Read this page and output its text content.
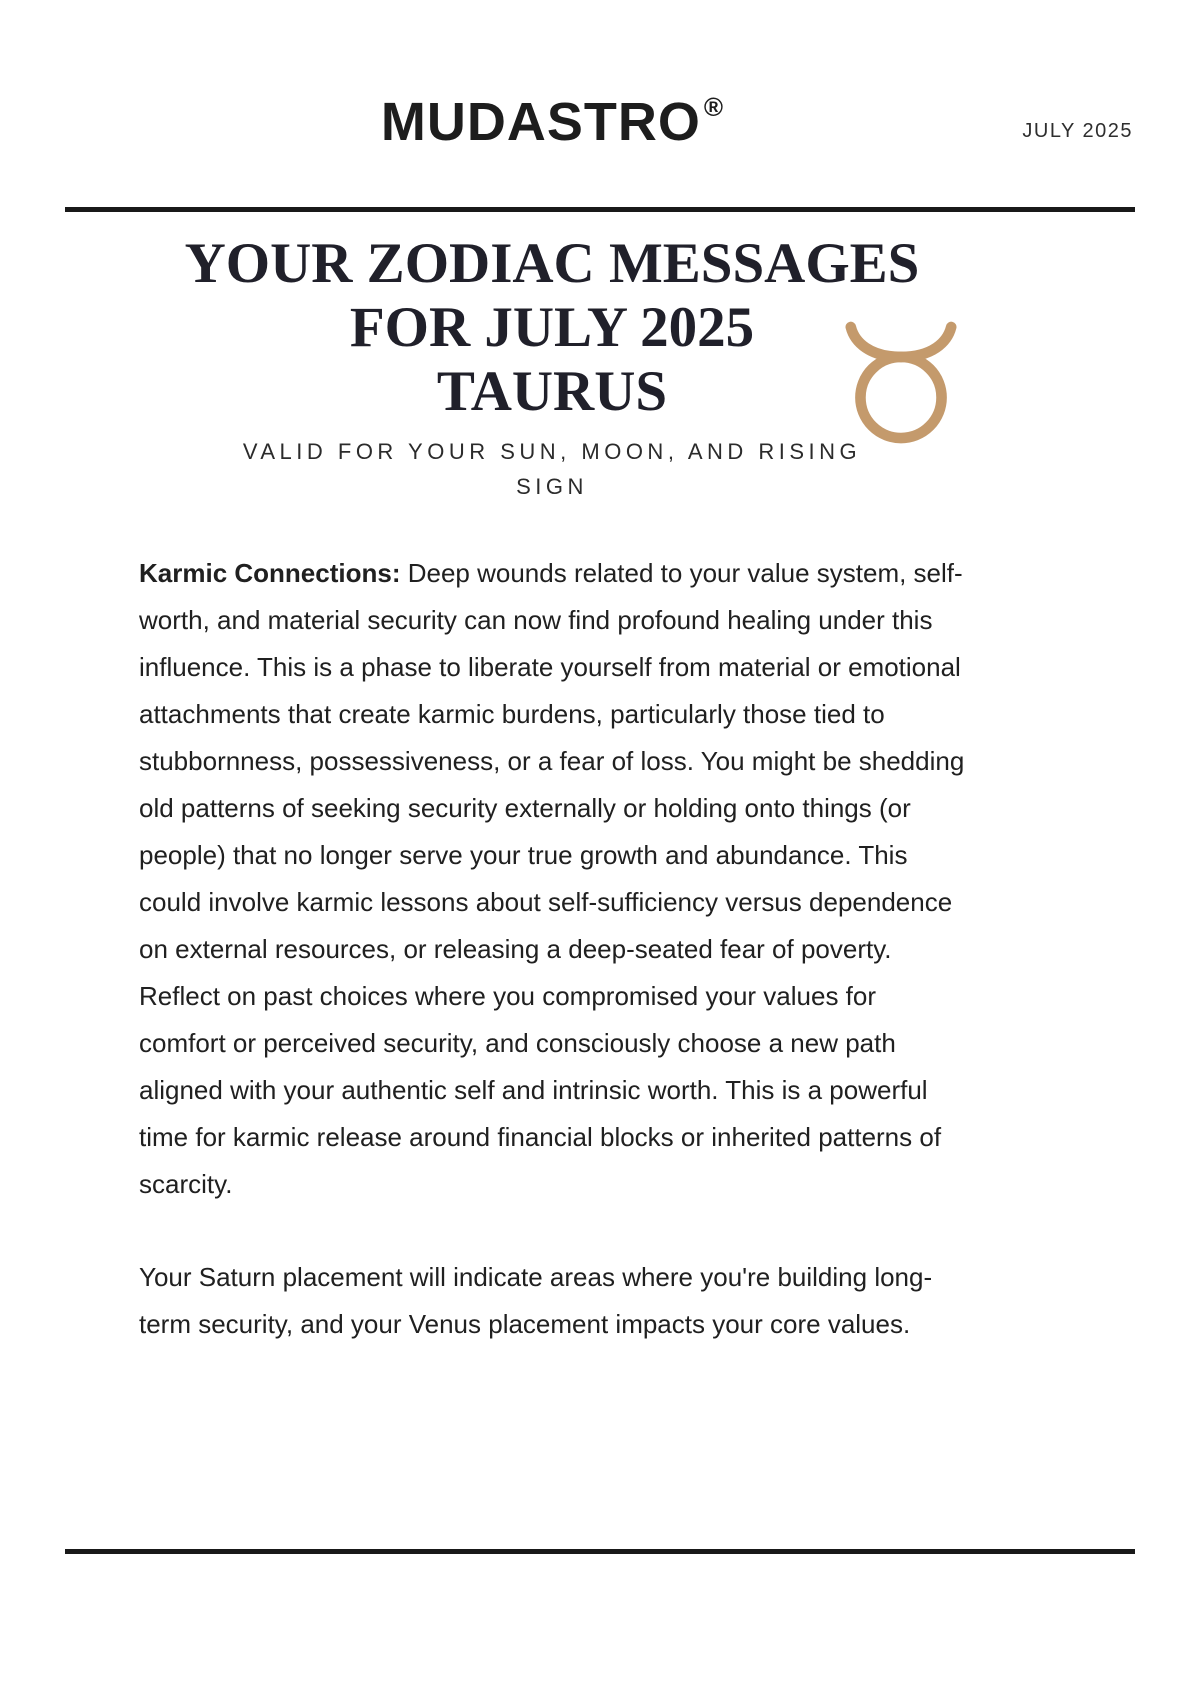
MUDASTRO ®
JULY 2025
YOUR ZODIAC MESSAGES
FOR JULY 2025
TAURUS
VALID FOR YOUR SUN, MOON, AND RISING
SIGN

Karmic Connections: Deep wounds related to your value system, self-worth, and material security can now find profound healing under this influence. This is a phase to liberate yourself from material or emotional attachments that create karmic burdens, particularly those tied to stubbornness, possessiveness, or a fear of loss. You might be shedding old patterns of seeking security externally or holding onto things (or people) that no longer serve your true growth and abundance. This could involve karmic lessons about self-sufficiency versus dependence on external resources, or releasing a deep-seated fear of poverty. Reflect on past choices where you compromised your values for comfort or perceived security, and consciously choose a new path aligned with your authentic self and intrinsic worth. This is a powerful time for karmic release around financial blocks or inherited patterns of scarcity.

Your Saturn placement will indicate areas where you're building long-term security, and your Venus placement impacts your core values.
